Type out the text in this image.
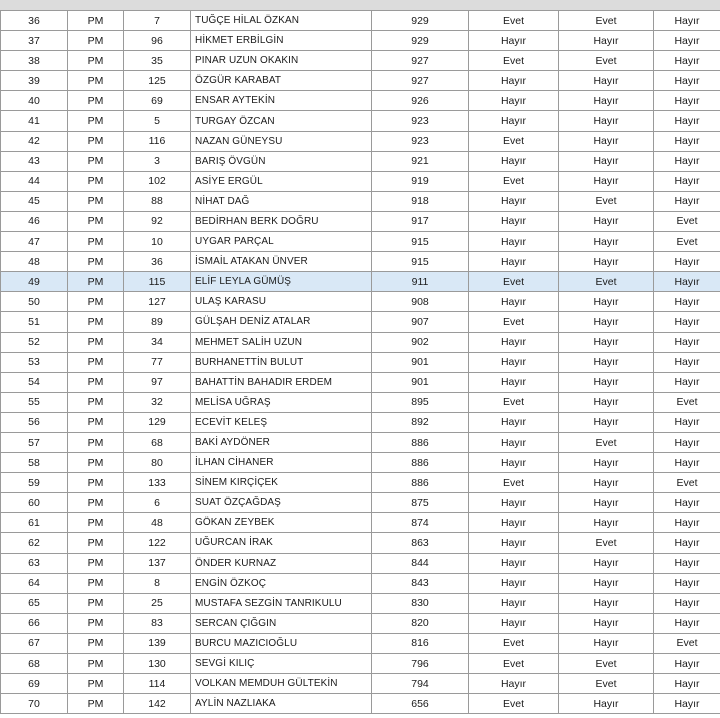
36	PM	7	TUĞÇE HİLAL ÖZKAN	929	Evet	Evet	Hayır
37	PM	96	HİKMET ERBİLGİN	929	Hayır	Hayır	Hayır
38	PM	35	PINAR UZUN OKAKIN	927	Evet	Evet	Hayır
39	PM	125	ÖZGÜR KARABAT	927	Hayır	Hayır	Hayır
40	PM	69	ENSAR AYTEKİN	926	Hayır	Hayır	Hayır
41	PM	5	TURGAY ÖZCAN	923	Hayır	Hayır	Hayır
42	PM	116	NAZAN GÜNEYSU	923	Evet	Hayır	Hayır
43	PM	3	BARIŞ ÖVGÜN	921	Hayır	Hayır	Hayır
44	PM	102	ASİYE ERGÜL	919	Evet	Hayır	Hayır
45	PM	88	NİHAT DAĞ	918	Hayır	Evet	Hayır
46	PM	92	BEDİRHAN BERK DOĞRU	917	Hayır	Hayır	Evet
47	PM	10	UYGAR PARÇAL	915	Hayır	Hayır	Evet
48	PM	36	İSMAİL ATAKAN ÜNVER	915	Hayır	Hayır	Hayır
49	PM	115	ELİF LEYLA GÜMÜŞ	911	Evet	Evet	Hayır
50	PM	127	ULAŞ KARASU	908	Hayır	Hayır	Hayır
51	PM	89	GÜLŞAH DENİZ ATALAR	907	Evet	Hayır	Hayır
52	PM	34	MEHMET SALİH UZUN	902	Hayır	Hayır	Hayır
53	PM	77	BURHANETTİN BULUT	901	Hayır	Hayır	Hayır
54	PM	97	BAHATTİN BAHADIR ERDEM	901	Hayır	Hayır	Hayır
55	PM	32	MELİSA UĞRAŞ	895	Evet	Hayır	Evet
56	PM	129	ECEVİT KELEŞ	892	Hayır	Hayır	Hayır
57	PM	68	BAKİ AYDÖNER	886	Hayır	Evet	Hayır
58	PM	80	İLHAN CİHANER	886	Hayır	Hayır	Hayır
59	PM	133	SİNEM KIRÇİÇEK	886	Evet	Hayır	Evet
60	PM	6	SUAT ÖZÇAĞDAŞ	875	Hayır	Hayır	Hayır
61	PM	48	GÖKAN ZEYBEK	874	Hayır	Hayır	Hayır
62	PM	122	UĞURCAN İRAK	863	Hayır	Evet	Hayır
63	PM	137	ÖNDER KURNAZ	844	Hayır	Hayır	Hayır
64	PM	8	ENGİN ÖZKOÇ	843	Hayır	Hayır	Hayır
65	PM	25	MUSTAFA SEZGİN TANRIKULU	830	Hayır	Hayır	Hayır
66	PM	83	SERCAN ÇIĞGIN	820	Hayır	Hayır	Hayır
67	PM	139	BURCU MAZICIOĞLU	816	Evet	Hayır	Evet
68	PM	130	SEVGİ KILIÇ	796	Evet	Evet	Hayır
69	PM	114	VOLKAN MEMDUH GÜLTEKİN	794	Hayır	Evet	Hayır
70	PM	142	AYLİN NAZLIAKA	656	Evet	Hayır	Hayır
